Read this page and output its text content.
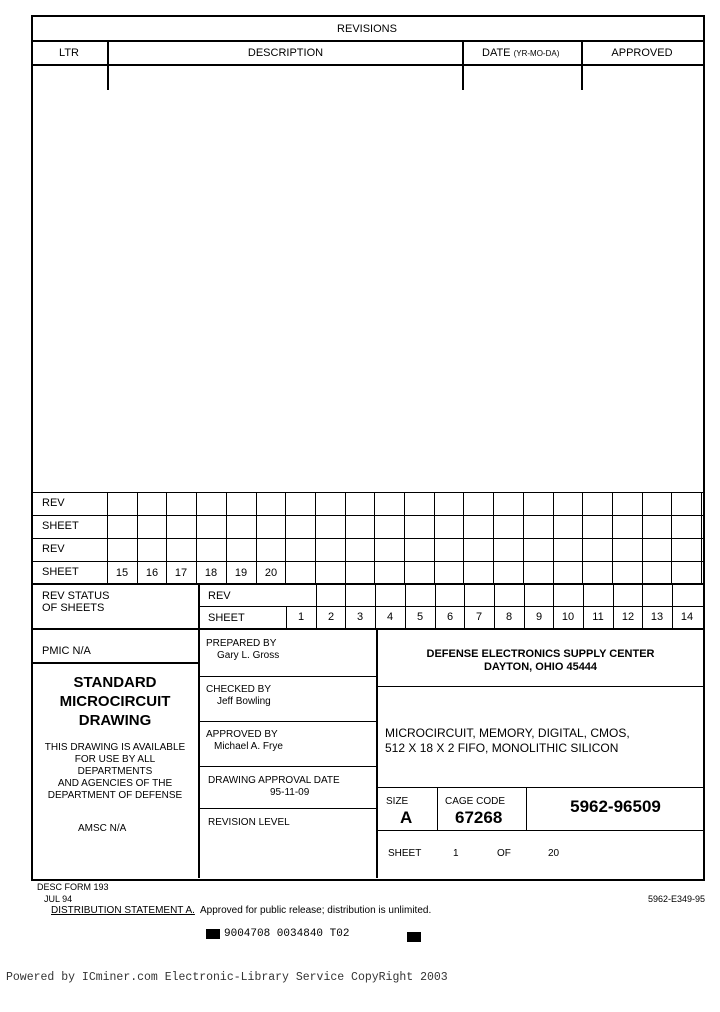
REVISIONS
LTR	DESCRIPTION	DATE (YR-MO-DA)	APPROVED
REV
SHEET
REV
SHEET	15	16	17	18	19	20
REV STATUS
OF SHEETS
REV
SHEET	1	2	3	4	5	6	7	8	9	10	11	12	13	14
PMIC N/A
STANDARD
MICROCIRCUIT
DRAWING
THIS DRAWING IS AVAILABLE
FOR USE BY ALL
DEPARTMENTS
AND AGENCIES OF THE
DEPARTMENT OF DEFENSE
AMSC N/A
PREPARED BY
Gary L. Gross
CHECKED BY
Jeff Bowling
APPROVED BY
Michael A. Frye
DRAWING APPROVAL DATE
95-11-09
REVISION LEVEL
DEFENSE ELECTRONICS SUPPLY CENTER
DAYTON, OHIO 45444
MICROCIRCUIT, MEMORY, DIGITAL, CMOS,
512 X 18 X 2 FIFO, MONOLITHIC SILICON
SIZE
A
CAGE CODE
67268
5962-96509
SHEET	1	OF	20
DESC FORM 193
JUL 94
DISTRIBUTION STATEMENT A. Approved for public release; distribution is unlimited.
5962-E349-95
9004708 0034840 T02
Powered by ICminer.com Electronic-Library Service CopyRight 2003
